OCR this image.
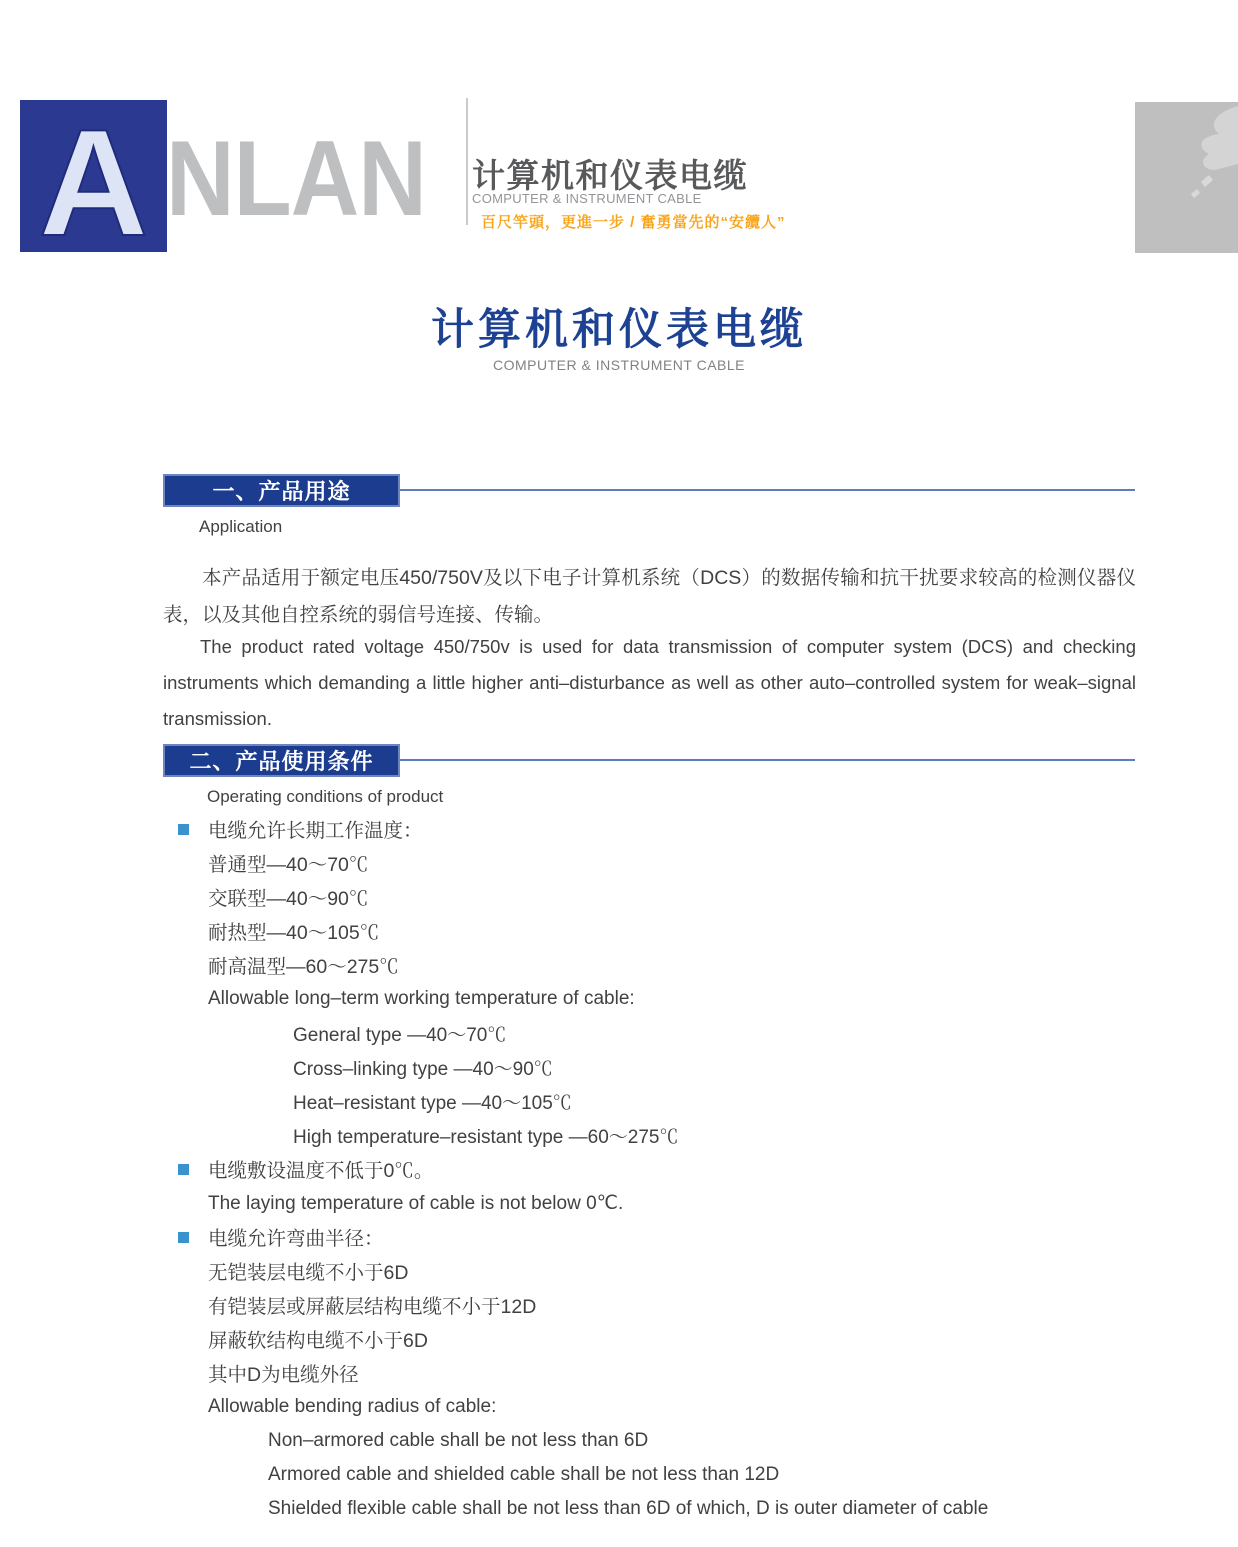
A NLAN 计算机和仪表电缆
COMPUTER & INSTRUMENT CABLE
百尺竿頭，更進一步 / 奮勇當先的“安纜人”
计算机和仪表电缆
COMPUTER & INSTRUMENT CABLE
一、产品用途
Application
本产品适用于额定电压450/750V及以下电子计算机系统（DCS）的数据传输和抗干扰要求较高的检测仪器仪表，以及其他自控系统的弱信号连接、传输。
The product rated voltage 450/750v is used for data transmission of computer system (DCS) and checking instruments which demanding a little higher anti–disturbance as well as other auto–controlled system for weak–signal transmission.
二、产品使用条件
Operating conditions of product
电缆允许长期工作温度：
普通型—40～70℃
交联型—40～90℃
耐热型—40～105℃
耐高温型—60～275℃
Allowable long–term working temperature of cable:
General type —40～70℃
Cross–linking type —40～90℃
Heat–resistant type —40～105℃
High temperature–resistant type —60～275℃
电缆敷设温度不低于0℃。
The laying temperature of cable is not below 0℃.
电缆允许弯曲半径：
无铠装层电缆不小于6D
有铠装层或屏蔽层结构电缆不小于12D
屏蔽软结构电缆不小于6D
其中D为电缆外径
Allowable bending radius of cable:
Non–armored cable shall be not less than 6D
Armored cable and shielded cable shall be not less than 12D
Shielded flexible cable shall be not less than 6D of which, D is outer diameter of cable
